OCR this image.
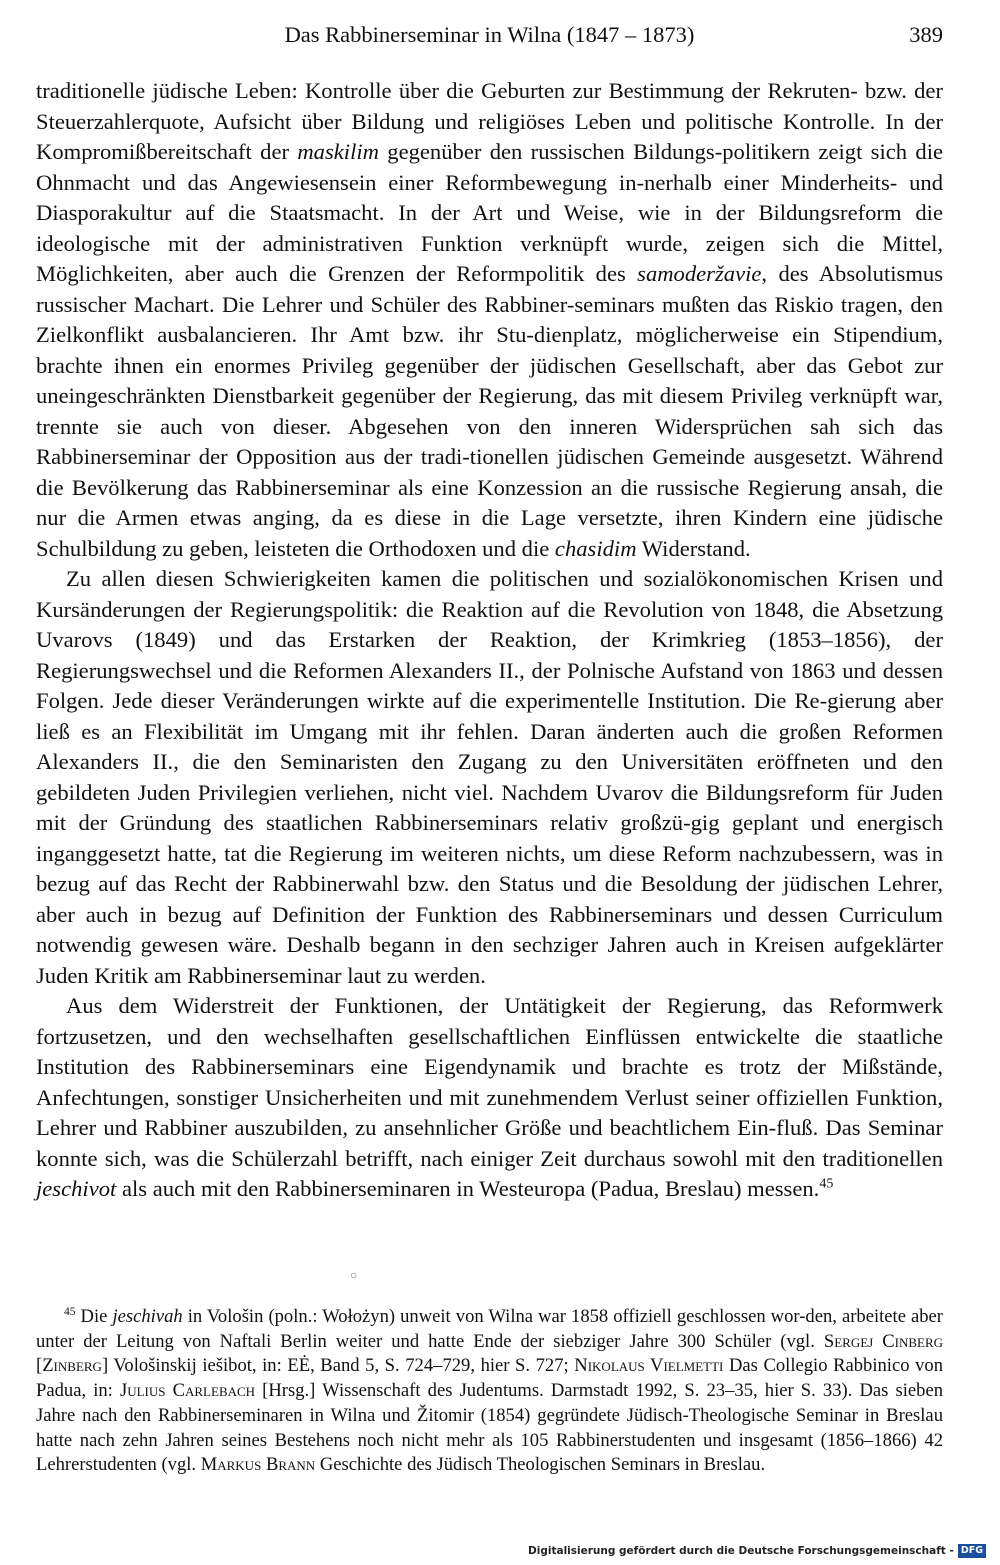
Das Rabbinerseminar in Wilna (1847 – 1873)	389

traditionelle jüdische Leben: Kontrolle über die Geburten zur Bestimmung der Rekruten- bzw. der Steuerzahlerquote, Aufsicht über Bildung und religiöses Leben und politische Kontrolle. In der Kompromißbereitschaft der maskilim gegenüber den russischen Bildungs-politikern zeigt sich die Ohnmacht und das Angewiesensein einer Reformbewegung in-nerhalb einer Minderheits- und Diasporakultur auf die Staatsmacht. In der Art und Weise, wie in der Bildungsreform die ideologische mit der administrativen Funktion verknüpft wurde, zeigen sich die Mittel, Möglichkeiten, aber auch die Grenzen der Reformpolitik des samoderžavie, des Absolutismus russischer Machart. Die Lehrer und Schüler des Rabbiner-seminars mußten das Riskio tragen, den Zielkonflikt ausbalancieren. Ihr Amt bzw. ihr Stu-dienplatz, möglicherweise ein Stipendium, brachte ihnen ein enormes Privileg gegenüber der jüdischen Gesellschaft, aber das Gebot zur uneingeschränkten Dienstbarkeit gegenüber der Regierung, das mit diesem Privileg verknüpft war, trennte sie auch von dieser. Abgesehen von den inneren Widersprüchen sah sich das Rabbinerseminar der Opposition aus der tradi-tionellen jüdischen Gemeinde ausgesetzt. Während die Bevölkerung das Rabbinerseminar als eine Konzession an die russische Regierung ansah, die nur die Armen etwas anging, da es diese in die Lage versetzte, ihren Kindern eine jüdische Schulbildung zu geben, leisteten die Orthodoxen und die chasidim Widerstand.

Zu allen diesen Schwierigkeiten kamen die politischen und sozialökonomischen Krisen und Kursänderungen der Regierungspolitik: die Reaktion auf die Revolution von 1848, die Absetzung Uvarovs (1849) und das Erstarken der Reaktion, der Krimkrieg (1853–1856), der Regierungswechsel und die Reformen Alexanders II., der Polnische Aufstand von 1863 und dessen Folgen. Jede dieser Veränderungen wirkte auf die experimentelle Institution. Die Re-gierung aber ließ es an Flexibilität im Umgang mit ihr fehlen. Daran änderten auch die großen Reformen Alexanders II., die den Seminaristen den Zugang zu den Universitäten eröffneten und den gebildeten Juden Privilegien verliehen, nicht viel. Nachdem Uvarov die Bildungsreform für Juden mit der Gründung des staatlichen Rabbinerseminars relativ großzü-gig geplant und energisch inganggesetzt hatte, tat die Regierung im weiteren nichts, um diese Reform nachzubessern, was in bezug auf das Recht der Rabbinerwahl bzw. den Status und die Besoldung der jüdischen Lehrer, aber auch in bezug auf Definition der Funktion des Rabbinerseminars und dessen Curriculum notwendig gewesen wäre. Deshalb begann in den sechziger Jahren auch in Kreisen aufgeklärter Juden Kritik am Rabbinerseminar laut zu werden.

Aus dem Widerstreit der Funktionen, der Untätigkeit der Regierung, das Reformwerk fortzusetzen, und den wechselhaften gesellschaftlichen Einflüssen entwickelte die staatliche Institution des Rabbinerseminars eine Eigendynamik und brachte es trotz der Mißstände, Anfechtungen, sonstiger Unsicherheiten und mit zunehmendem Verlust seiner offiziellen Funktion, Lehrer und Rabbiner auszubilden, zu ansehnlicher Größe und beachtlichem Ein-fluß. Das Seminar konnte sich, was die Schülerzahl betrifft, nach einiger Zeit durchaus sowohl mit den traditionellen jeschivot als auch mit den Rabbinerseminaren in Westeuropa (Padua, Breslau) messen.$^{45}$

○

$^{45}$ Die jeschivah in Vološin (poln.: Wołożyn) unweit von Wilna war 1858 offiziell geschlossen wor-den, arbeitete aber unter der Leitung von Naftali Berlin weiter und hatte Ende der siebziger Jahre 300 Schüler (vgl. Sergej Cinberg [Zinberg] Vološinskij iešibot, in: EĖ, Band 5, S. 724–729, hier S. 727; Nikolaus Vielmetti Das Collegio Rabbinico von Padua, in: Julius Carlebach [Hrsg.] Wissenschaft des Judentums. Darmstadt 1992, S. 23–35, hier S. 33). Das sieben Jahre nach den Rabbinerseminaren in Wilna und Žitomir (1854) gegründete Jüdisch-Theologische Seminar in Breslau hatte nach zehn Jahren seines Bestehens noch nicht mehr als 105 Rabbinerstudenten und insgesamt (1856–1866) 42 Lehrerstudenten (vgl. Markus Brann Geschichte des Jüdisch Theologischen Seminars in Breslau.

Digitalisierung gefördert durch die Deutsche Forschungsgemeinschaft - DFG
